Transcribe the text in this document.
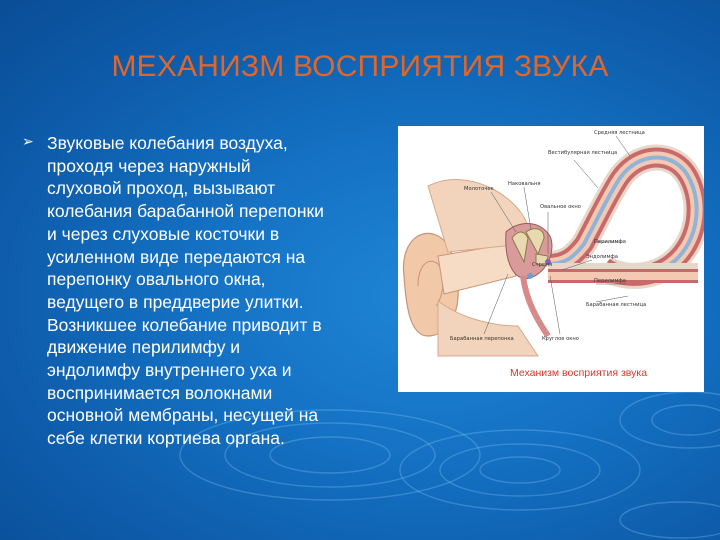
МЕХАНИЗМ ВОСПРИЯТИЯ ЗВУКА
➢ Звуковые колебания воздуха,
проходя через наружный
слуховой проход, вызывают
колебания барабанной перепонки
и через слуховые косточки в
усиленном виде передаются на
перепонку овального окна,
ведущего в преддверие улитки.
Возникшее колебание приводит в
движение перилимфу и
эндолимфу внутреннего уха и
воспринимается волокнами
основной мембраны, несущей на
себе клетки кортиева органа.
Средняя лестница
Вестибулярная лестница
Молоточек
Наковальня
Овальное окно
Перилимфа
Эндолимфа
Стремя
Перилимфа
Барабанная лестница
Барабанная перепонка	Круглое окно
Механизм восприятия звука
